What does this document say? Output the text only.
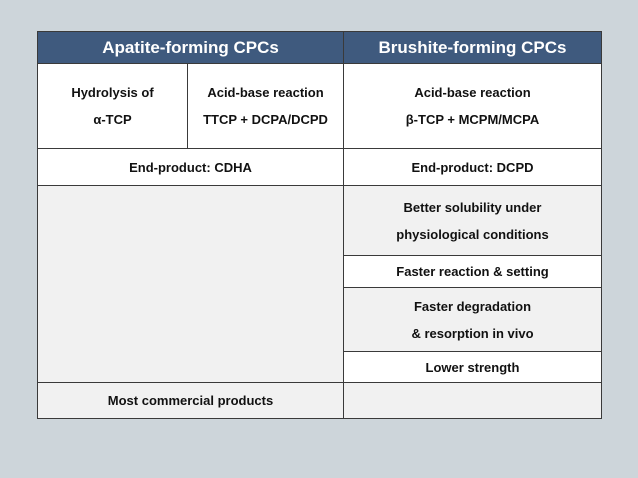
Apatite-forming CPCs	Brushite-forming CPCs
Hydrolysis of
α-TCP
Acid-base reaction
TTCP + DCPA/DCPD
Acid-base reaction
β-TCP + MCPM/MCPA
End-product: CDHA	End-product: DCPD
Better solubility under
physiological conditions
Faster reaction & setting
Faster degradation
& resorption in vivo
Lower strength
Most commercial products
